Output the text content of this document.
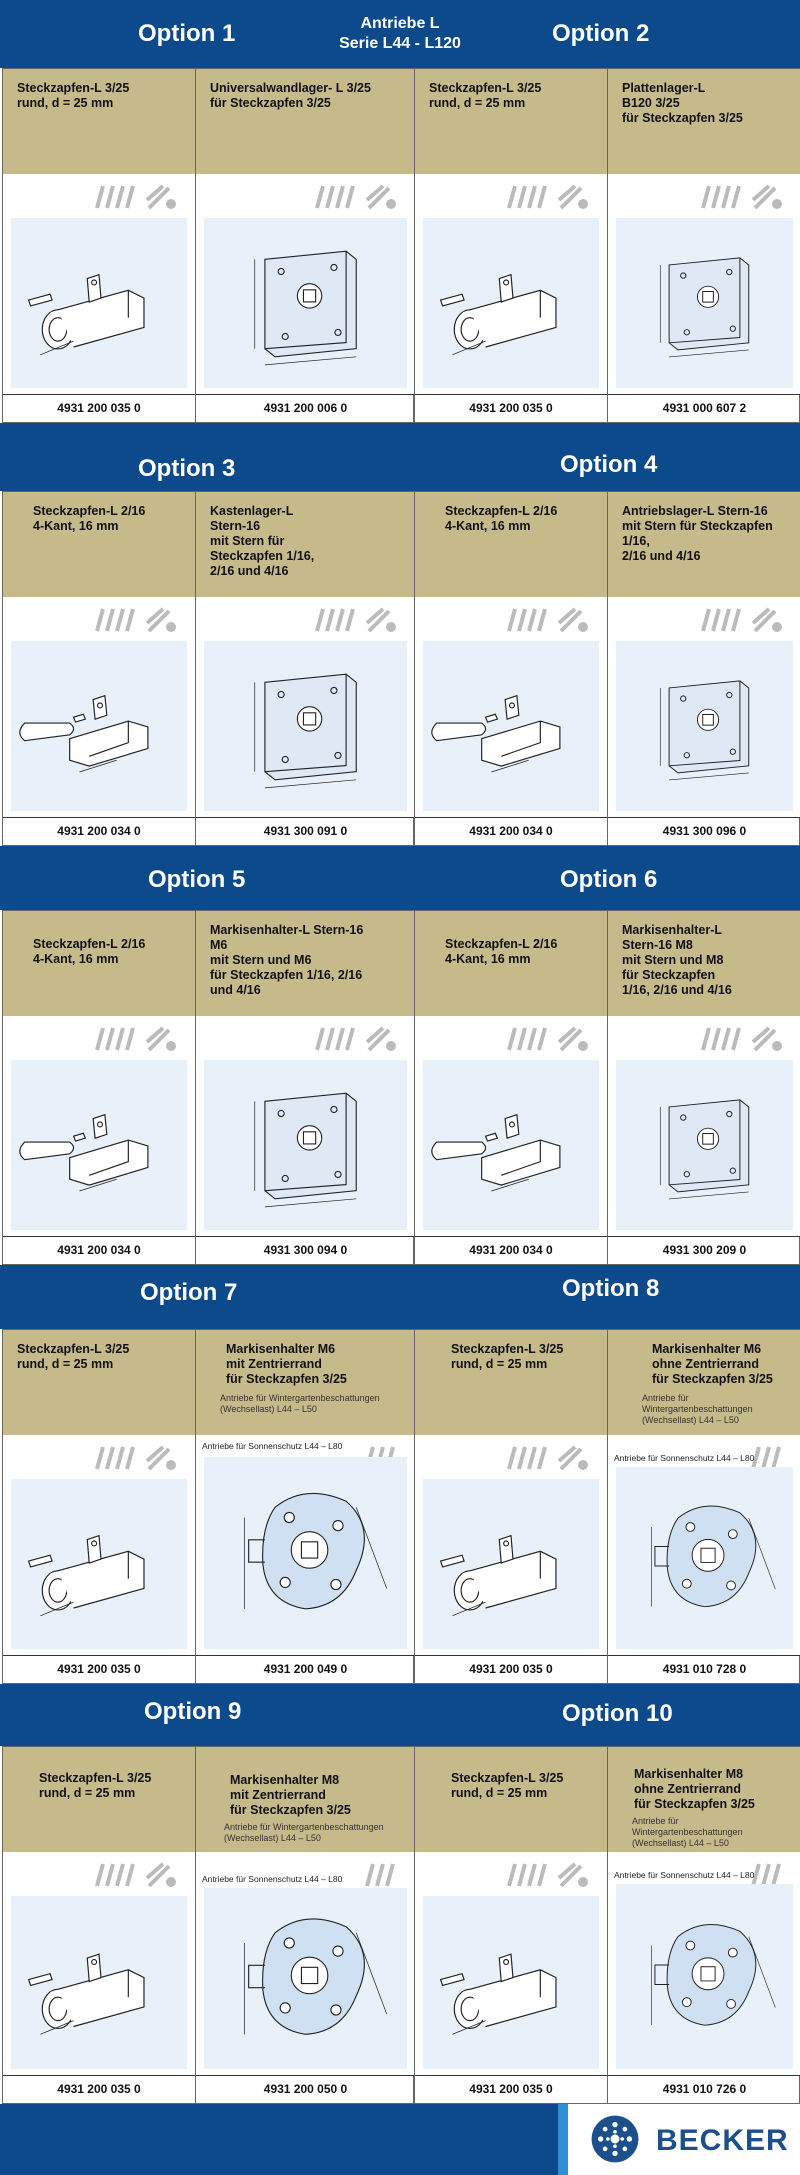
Option 1	Antriebe L
Serie L44 - L120	Option 2
Steckzapfen-L 3/25
rund, d = 25 mm
4931 200 035 0
Universalwandlager- L 3/25
für Steckzapfen 3/25
4931 200 006 0
Steckzapfen-L 3/25
rund, d = 25 mm
4931 200 035 0
Plattenlager-L
B120 3/25
für Steckzapfen 3/25
4931 000 607 2
Option 3	Option 4
Steckzapfen-L 2/16
4-Kant, 16 mm
4931 200 034 0
Kastenlager-L
Stern-16
mit Stern für
Steckzapfen 1/16,
2/16 und 4/16
4931 300 091 0
Steckzapfen-L 2/16
4-Kant, 16 mm
4931 200 034 0
Antriebslager-L Stern-16
mit Stern für Steckzapfen
1/16,
2/16 und 4/16
4931 300 096 0
Option 5	Option 6
Steckzapfen-L 2/16
4-Kant, 16 mm
4931 200 034 0
Markisenhalter-L Stern-16
M6
mit Stern und M6
für Steckzapfen 1/16, 2/16
und 4/16
4931 300 094 0
Steckzapfen-L 2/16
4-Kant, 16 mm
4931 200 034 0
Markisenhalter-L
Stern-16 M8
mit Stern und M8
für Steckzapfen
1/16, 2/16 und 4/16
4931 300 209 0
Option 7	Option 8
Steckzapfen-L 3/25
rund, d = 25 mm
4931 200 035 0
Markisenhalter M6
mit Zentrierrand
für Steckzapfen 3/25
Antriebe für Wintergartenbeschattungen
(Wechsellast) L44 – L50
Antriebe für Sonnenschutz L44 – L80
4931 200 049 0
Steckzapfen-L 3/25
rund, d = 25 mm
4931 200 035 0
Markisenhalter M6
ohne Zentrierrand
für Steckzapfen 3/25
Antriebe für Wintergartenbeschattungen
(Wechsellast) L44 – L50
Antriebe für Sonnenschutz L44 – L80
4931 010 728 0
Option 9	Option 10
Steckzapfen-L 3/25
rund, d = 25 mm
4931 200 035 0
Markisenhalter M8
mit Zentrierrand
für Steckzapfen 3/25
Antriebe für Wintergartenbeschattungen
(Wechsellast) L44 – L50
Antriebe für Sonnenschutz L44 – L80
4931 200 050 0
Steckzapfen-L 3/25
rund, d = 25 mm
4931 200 035 0
Markisenhalter M8
ohne Zentrierrand
für Steckzapfen 3/25
Antriebe für Wintergartenbeschattungen
(Wechsellast) L44 – L50
Antriebe für Sonnenschutz L44 – L80
4931 010 726 0
BECKER
